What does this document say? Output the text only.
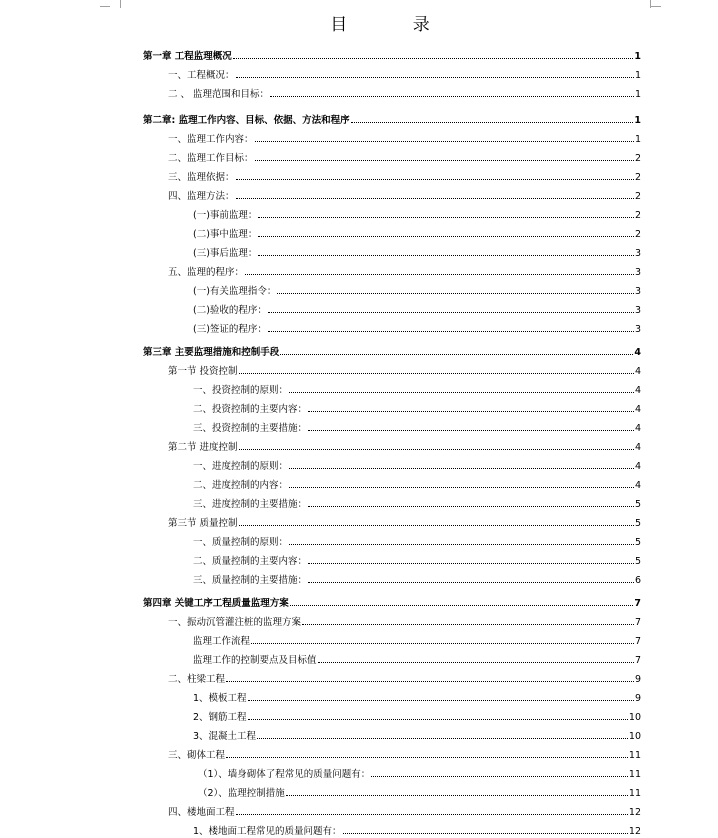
目 录
第一章 工程监理概况	1
一、工程概况：	1
二 、 监理范围和目标：	1
第二章: 监理工作内容、目标、依据、方法和程序	1
一、监理工作内容：	1
二、监理工作目标：	2
三、监理依据：	2
四、监理方法：	2
(一)事前监理：	2
(二)事中监理：	2
(三)事后监理：	3
五、监理的程序：	3
(一)有关监理指令：	3
(二)验收的程序：	3
(三)签证的程序：	3
第三章 主要监理措施和控制手段	4
第一节 投资控制	4
一、投资控制的原则：	4
二、投资控制的主要内容：	4
三、投资控制的主要措施：	4
第二节 进度控制	4
一、进度控制的原则：	4
二、进度控制的内容：	4
三、进度控制的主要措施：	5
第三节 质量控制	5
一、质量控制的原则：	5
二、质量控制的主要内容：	5
三、质量控制的主要措施：	6
第四章 关键工序工程质量监理方案	7
一、振动沉管灌注桩的监理方案	7
监理工作流程	7
监理工作的控制要点及目标值	7
二、柱梁工程	9
1、模板工程	9
2、钢筋工程	10
3、混凝土工程	10
三、砌体工程	11
（1）、墙身砌体了程常见的质量问题有：	11
（2）、监理控制措施	11
四、楼地面工程	12
1、楼地面工程常见的质量问题有：	12
